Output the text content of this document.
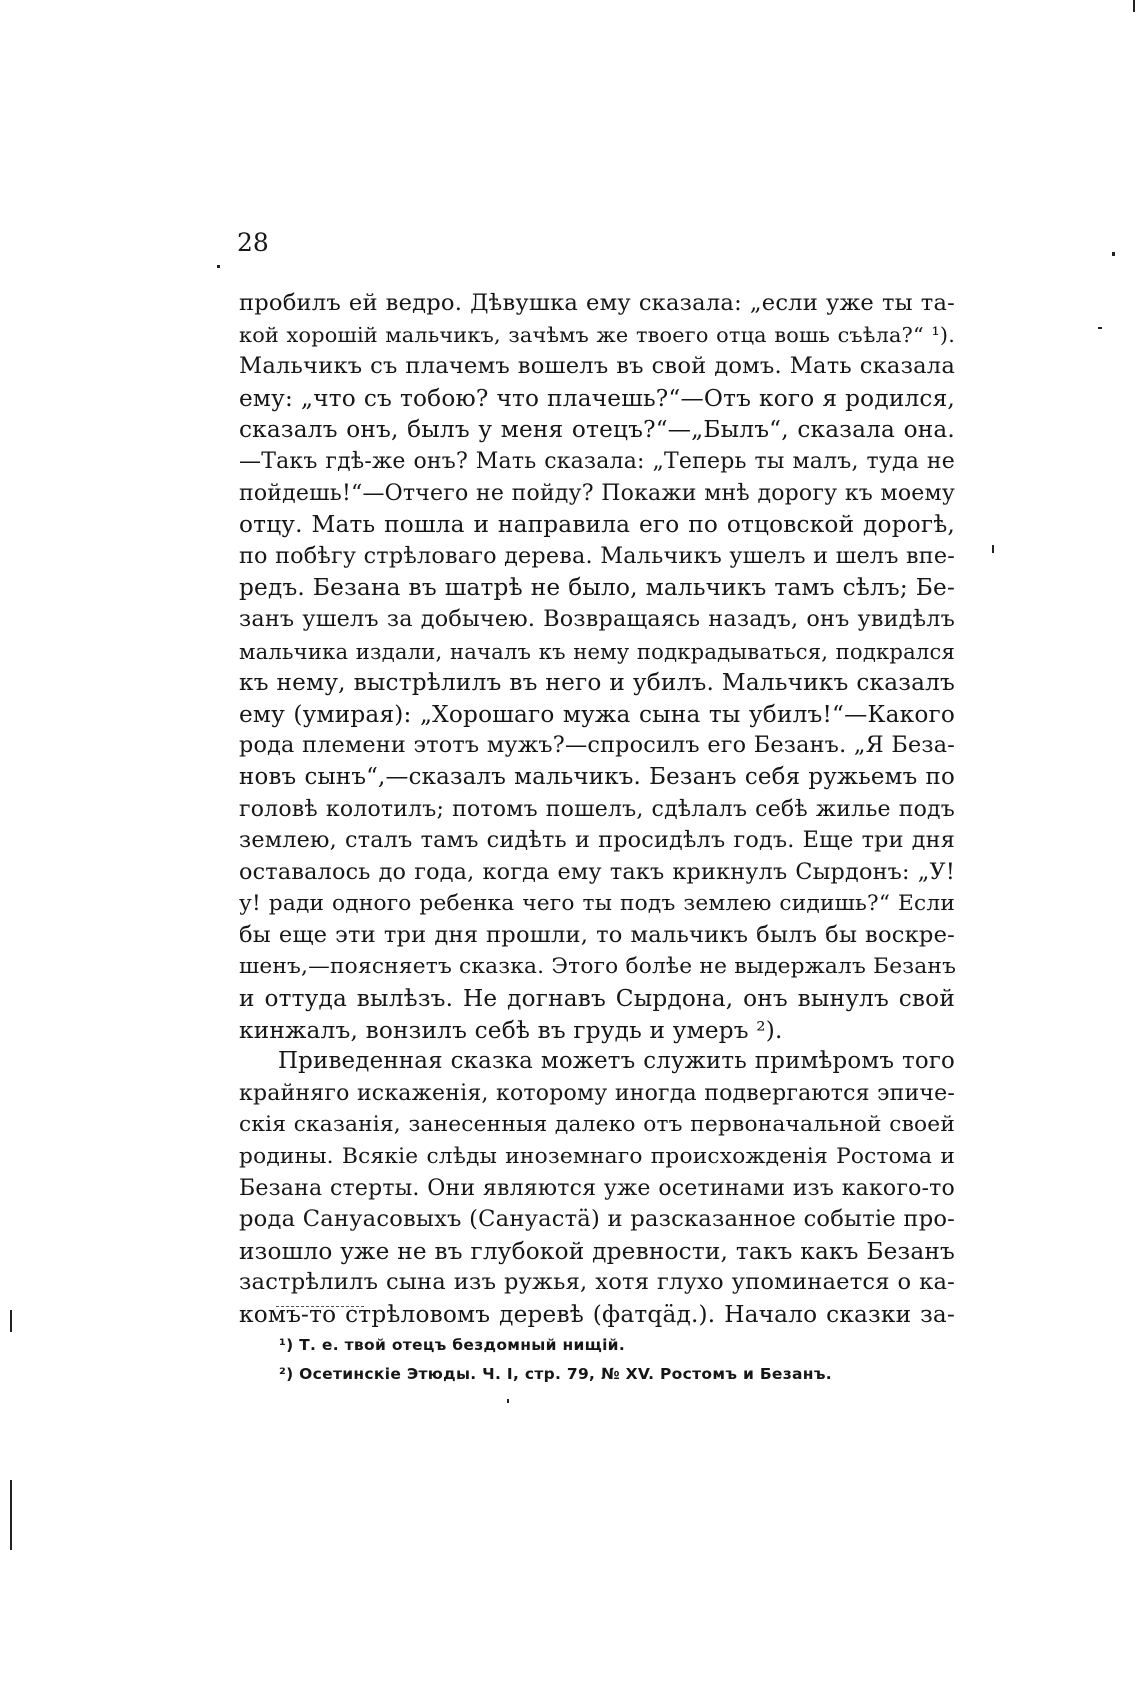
28
пробилъ ей ведро. Дѣвушка ему сказала: „если уже ты та-
кой хорошій мальчикъ, зачѣмъ же твоего отца вошь съѣла?“ ¹).
Мальчикъ съ плачемъ вошелъ въ свой домъ. Мать сказала
ему: „что съ тобою? что плачешь?“—Отъ кого я родился,
сказалъ онъ, былъ у меня отецъ?“—„Былъ“, сказала она.
—Такъ гдѣ-же онъ? Мать сказала: „Теперь ты малъ, туда не
пойдешь!“—Отчего не пойду? Покажи мнѣ дорогу къ моему
отцу. Мать пошла и направила его по отцовской дорогѣ,
по побѣгу стрѣловаго дерева. Мальчикъ ушелъ и шелъ впе-
редъ. Безана въ шатрѣ не было, мальчикъ тамъ сѣлъ; Бе-
занъ ушелъ за добычею. Возвращаясь назадъ, онъ увидѣлъ
мальчика издали, началъ къ нему подкрадываться, подкрался
къ нему, выстрѣлилъ въ него и убилъ. Мальчикъ сказалъ
ему (умирая): „Хорошаго мужа сына ты убилъ!“—Какого
рода племени этотъ мужъ?—спросилъ его Безанъ. „Я Беза-
новъ сынъ“,—сказалъ мальчикъ. Безанъ себя ружьемъ по
головѣ колотилъ; потомъ пошелъ, сдѣлалъ себѣ жилье подъ
землею, сталъ тамъ сидѣть и просидѣлъ годъ. Еще три дня
оставалось до года, когда ему такъ крикнулъ Сырдонъ: „У!
у! ради одного ребенка чего ты подъ землею сидишь?“ Если
бы еще эти три дня прошли, то мальчикъ былъ бы воскре-
шенъ,—поясняетъ сказка. Этого болѣе не выдержалъ Безанъ
и оттуда вылѣзъ. Не догнавъ Сырдона, онъ вынулъ свой
кинжалъ, вонзилъ себѣ въ грудь и умеръ ²).
Приведенная сказка можетъ служить примѣромъ того
крайняго искаженія, которому иногда подвергаются эпиче-
скія сказанія, занесенныя далеко отъ первоначальной своей
родины. Всякіе слѣды иноземнаго происхожденія Ростома и
Безана стерты. Они являются уже осетинами изъ какого-то
рода Сануасовыхъ (Сануастӓ) и разсказанное событіе про-
изошло уже не въ глубокой древности, такъ какъ Безанъ
застрѣлилъ сына изъ ружья, хотя глухо упоминается о ка-
комъ-то стрѣловомъ деревѣ (фатqӓд.). Начало сказки за-
¹) Т. е. твой отецъ бездомный нищій.
²) Осетинскіе Этюды. Ч. I, стр. 79, № XV. Ростомъ и Безанъ.
